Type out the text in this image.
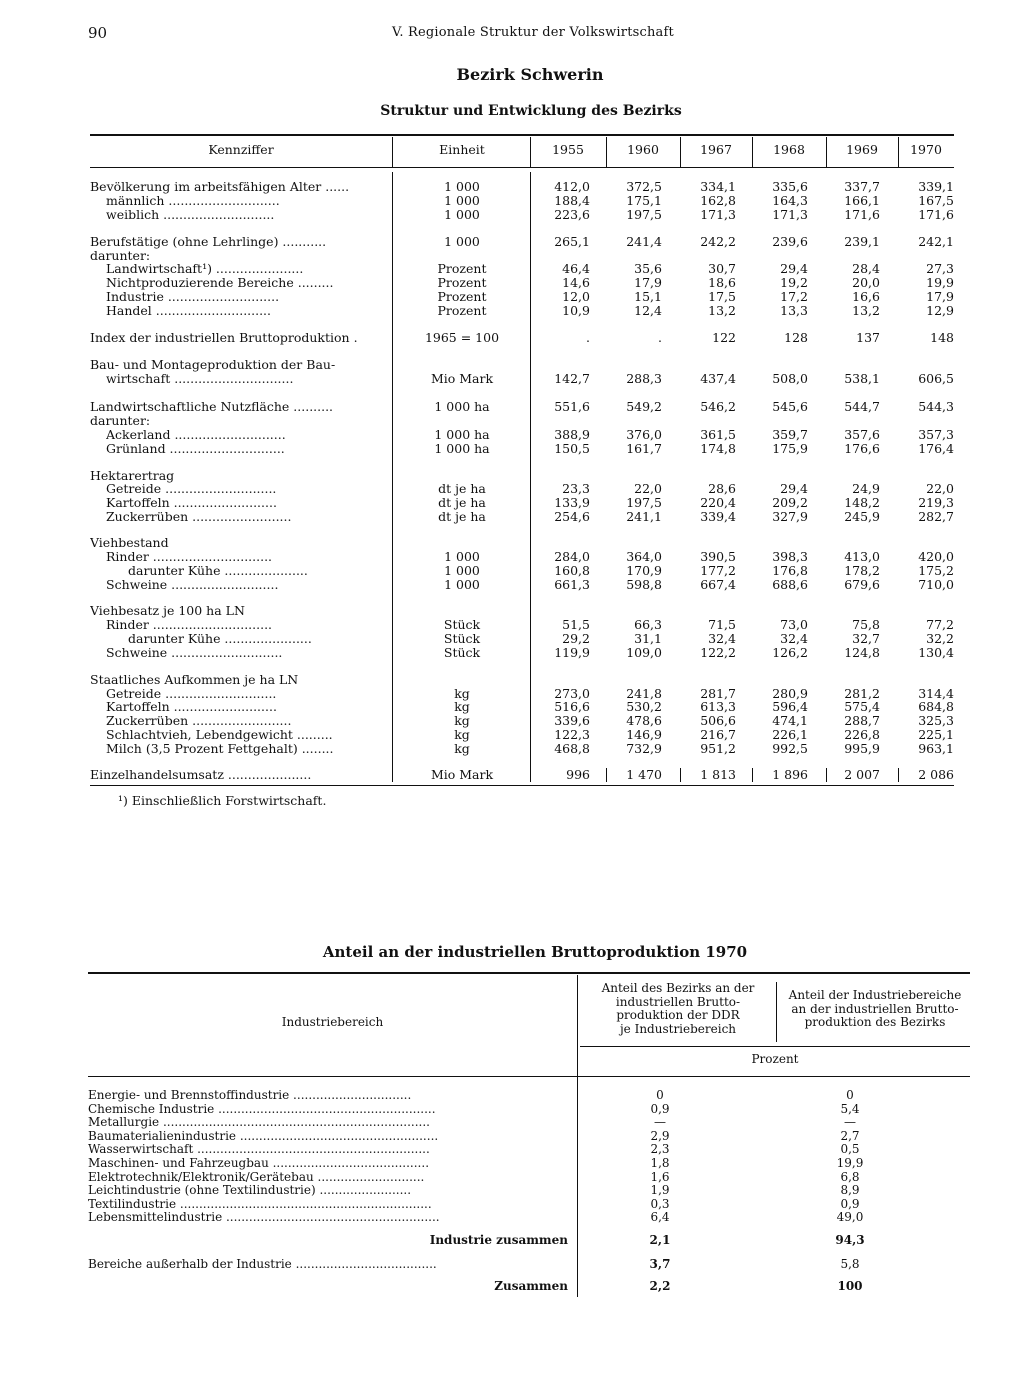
90	V. Regionale Struktur der Volkswirtschaft
Bezirk Schwerin
Struktur und Entwicklung des Bezirks
Kennziffer	Einheit	1955	1960	1967	1968	1969	1970
Bevölkerung im arbeitsfähigen Alter ......	1 000	412,0	372,5	334,1	335,6	337,7	339,1
männlich ............................	1 000	188,4	175,1	162,8	164,3	166,1	167,5
weiblich ............................	1 000	223,6	197,5	171,3	171,3	171,6	171,6
Berufstätige (ohne Lehrlinge) ...........	1 000	265,1	241,4	242,2	239,6	239,1	242,1
darunter:
Landwirtschaft¹) ......................	Prozent	46,4	35,6	30,7	29,4	28,4	27,3
Nichtproduzierende Bereiche .........	Prozent	14,6	17,9	18,6	19,2	20,0	19,9
Industrie ............................	Prozent	12,0	15,1	17,5	17,2	16,6	17,9
Handel .............................	Prozent	10,9	12,4	13,2	13,3	13,2	12,9
Index der industriellen Bruttoproduktion .	1965 = 100	.	.	122	128	137	148
Bau- und Montageproduktion der Bau-
wirtschaft ..............................	Mio Mark	142,7	288,3	437,4	508,0	538,1	606,5
Landwirtschaftliche Nutzfläche ..........	1 000 ha	551,6	549,2	546,2	545,6	544,7	544,3
darunter:
Ackerland ............................	1 000 ha	388,9	376,0	361,5	359,7	357,6	357,3
Grünland .............................	1 000 ha	150,5	161,7	174,8	175,9	176,6	176,4
Hektarertrag
Getreide ............................	dt je ha	23,3	22,0	28,6	29,4	24,9	22,0
Kartoffeln ..........................	dt je ha	133,9	197,5	220,4	209,2	148,2	219,3
Zuckerrüben .........................	dt je ha	254,6	241,1	339,4	327,9	245,9	282,7
Viehbestand
Rinder ..............................	1 000	284,0	364,0	390,5	398,3	413,0	420,0
darunter Kühe .....................	1 000	160,8	170,9	177,2	176,8	178,2	175,2
Schweine ...........................	1 000	661,3	598,8	667,4	688,6	679,6	710,0
Viehbesatz je 100 ha LN
Rinder ..............................	Stück	51,5	66,3	71,5	73,0	75,8	77,2
darunter Kühe ......................	Stück	29,2	31,1	32,4	32,4	32,7	32,2
Schweine ............................	Stück	119,9	109,0	122,2	126,2	124,8	130,4
Staatliches Aufkommen je ha LN
Getreide ............................	kg	273,0	241,8	281,7	280,9	281,2	314,4
Kartoffeln ..........................	kg	516,6	530,2	613,3	596,4	575,4	684,8
Zuckerrüben .........................	kg	339,6	478,6	506,6	474,1	288,7	325,3
Schlachtvieh, Lebendgewicht .........	kg	122,3	146,9	216,7	226,1	226,8	225,1
Milch (3,5 Prozent Fettgehalt) ........	kg	468,8	732,9	951,2	992,5	995,9	963,1
Einzelhandelsumsatz .....................	Mio Mark	996	1 470	1 813	1 896	2 007	2 086
¹) Einschließlich Forstwirtschaft.
Anteil an der industriellen Bruttoproduktion 1970
Industriebereich
Anteil des Bezirks an der
industriellen Brutto-
produktion der DDR
je Industriebereich
Anteil der Industriebereiche
an der industriellen Brutto-
produktion des Bezirks
Prozent
Energie- und Brennstoffindustrie ...............................	0	0
Chemische Industrie .........................................................	0,9	5,4
Metallurgie ......................................................................	—	—
Baumaterialienindustrie ....................................................	2,9	2,7
Wasserwirtschaft .............................................................	2,3	0,5
Maschinen- und Fahrzeugbau .........................................	1,8	19,9
Elektrotechnik/Elektronik/Gerätebau ............................	1,6	6,8
Leichtindustrie (ohne Textilindustrie) ........................	1,9	8,9
Textilindustrie ..................................................................	0,3	0,9
Lebensmittelindustrie ........................................................	6,4	49,0
Industrie zusammen	2,1	94,3
Bereiche außerhalb der Industrie .....................................	3,7	5,8
Zusammen	2,2	100
